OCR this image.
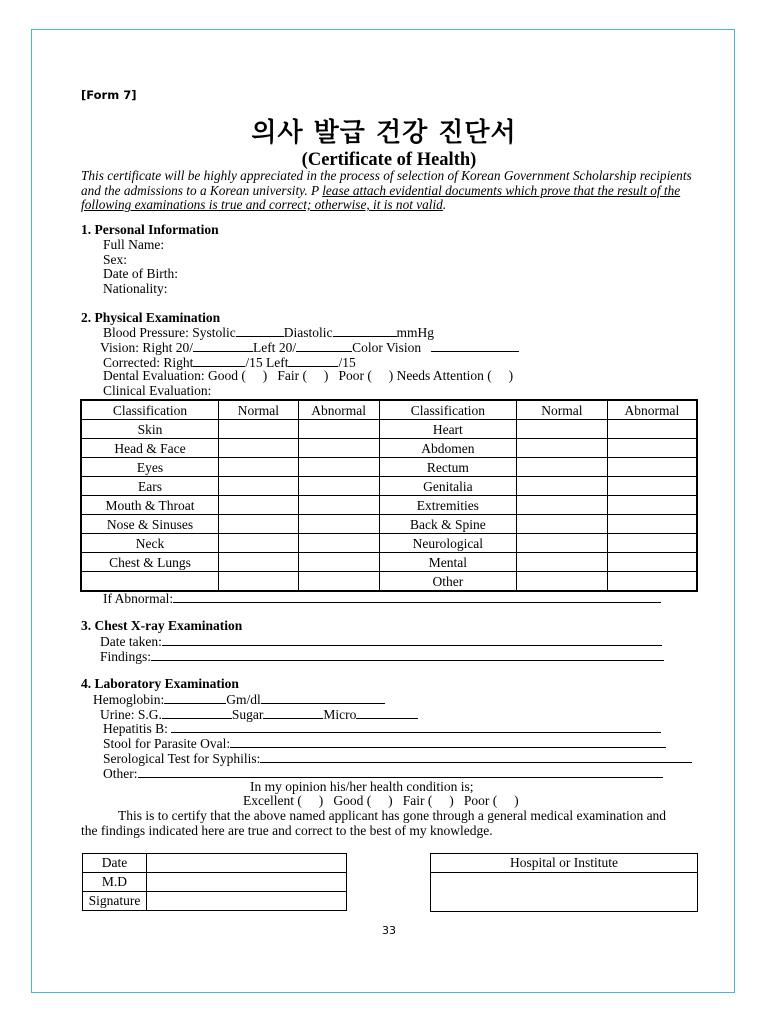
[Form 7]
의사 발급 건강 진단서
(Certificate of Health)
This certificate will be highly appreciated in the process of selection of Korean Government Scholarship recipients and the admissions to a Korean university. P lease attach evidential documents which prove that the result of the following examinations is true and correct; otherwise, it is not valid.
1. Personal Information
Full Name:
Sex:
Date of Birth:
Nationality:
2. Physical Examination
Blood Pressure: Systolic	Diastolic	mmHg
Vision: Right 20/	Left 20/	Color Vision
Corrected: Right	/15 Left	/15
Dental Evaluation: Good (     )   Fair (     )   Poor (     ) Needs Attention (     )
Clinical Evaluation:
Classification	Normal	Abnormal	Classification	Normal	Abnormal
Skin			Heart		
Head & Face			Abdomen		
Eyes			Rectum		
Ears			Genitalia		
Mouth & Throat			Extremities		
Nose & Sinuses			Back & Spine		
Neck			Neurological		
Chest & Lungs			Mental		
			Other		
If Abnormal:
3. Chest X-ray Examination
Date taken:
Findings:
4. Laboratory Examination
Hemoglobin:	Gm/dl
Urine: S.G.	Sugar	Micro
Hepatitis B:
Stool for Parasite Oval:
Serological Test for Syphilis:
Other:
In my opinion his/her health condition is;
Excellent (     )   Good (     )   Fair (     )   Poor (     )
This is to certify that the above named applicant has gone through a general medical examination and
the findings indicated here are true and correct to the best of my knowledge.
Date	
M.D	
Signature	
Hospital or Institute

33
